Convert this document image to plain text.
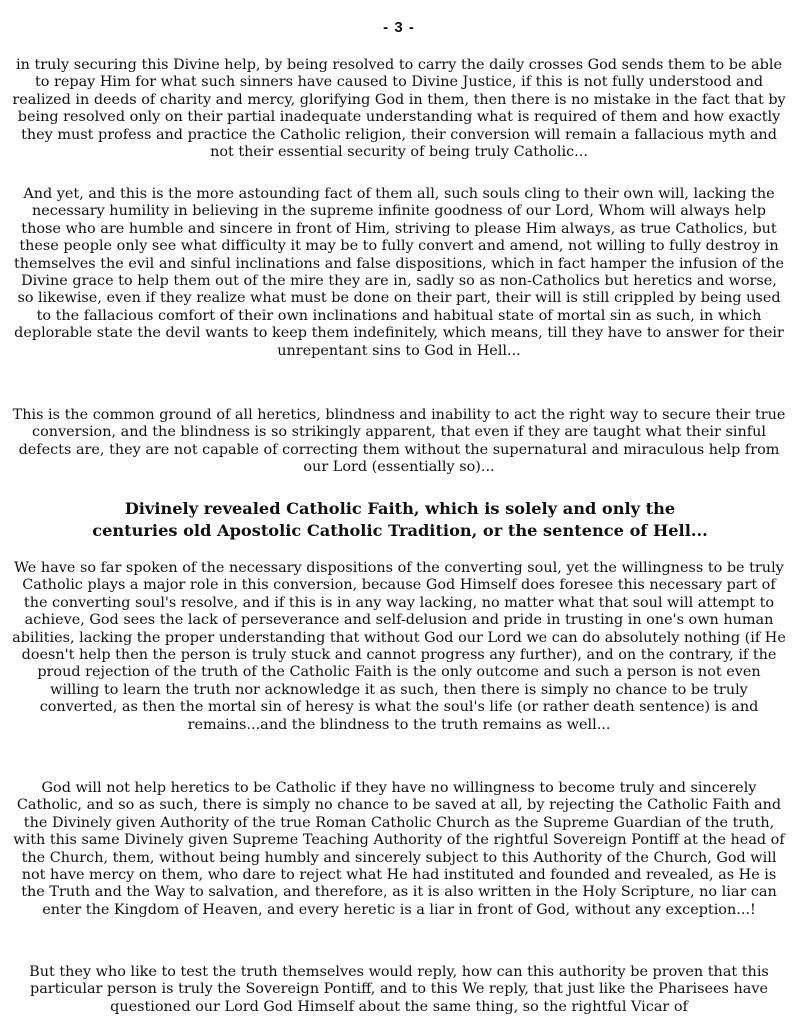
- 3 -

in truly securing this Divine help, by being resolved to carry the daily crosses God sends them to be able to repay Him for what such sinners have caused to Divine Justice, if this is not fully understood and realized in deeds of charity and mercy, glorifying God in them, then there is no mistake in the fact that by being resolved only on their partial inadequate understanding what is required of them and how exactly they must profess and practice the Catholic religion, their conversion will remain a fallacious myth and not their essential security of being truly Catholic...

And yet, and this is the more astounding fact of them all, such souls cling to their own will, lacking the necessary humility in believing in the supreme infinite goodness of our Lord, Whom will always help those who are humble and sincere in front of Him, striving to please Him always, as true Catholics, but these people only see what difficulty it may be to fully convert and amend, not willing to fully destroy in themselves the evil and sinful inclinations and false dispositions, which in fact hamper the infusion of the Divine grace to help them out of the mire they are in, sadly so as non-Catholics but heretics and worse, so likewise, even if they realize what must be done on their part, their will is still crippled by being used to the fallacious comfort of their own inclinations and habitual state of mortal sin as such, in which deplorable state the devil wants to keep them indefinitely, which means, till they have to answer for their unrepentant sins to God in Hell...

This is the common ground of all heretics, blindness and inability to act the right way to secure their true conversion, and the blindness is so strikingly apparent, that even if they are taught what their sinful defects are, they are not capable of correcting them without the supernatural and miraculous help from our Lord (essentially so)...

Divinely revealed Catholic Faith, which is solely and only the
centuries old Apostolic Catholic Tradition, or the sentence of Hell...

We have so far spoken of the necessary dispositions of the converting soul, yet the willingness to be truly Catholic plays a major role in this conversion, because God Himself does foresee this necessary part of the converting soul's resolve, and if this is in any way lacking, no matter what that soul will attempt to achieve, God sees the lack of perseverance and self-delusion and pride in trusting in one's own human abilities, lacking the proper understanding that without God our Lord we can do absolutely nothing (if He doesn't help then the person is truly stuck and cannot progress any further), and on the contrary, if the proud rejection of the truth of the Catholic Faith is the only outcome and such a person is not even willing to learn the truth nor acknowledge it as such, then there is simply no chance to be truly converted, as then the mortal sin of heresy is what the soul's life (or rather death sentence) is and remains...and the blindness to the truth remains as well...

God will not help heretics to be Catholic if they have no willingness to become truly and sincerely Catholic, and so as such, there is simply no chance to be saved at all, by rejecting the Catholic Faith and the Divinely given Authority of the true Roman Catholic Church as the Supreme Guardian of the truth, with this same Divinely given Supreme Teaching Authority of the rightful Sovereign Pontiff at the head of the Church, them, without being humbly and sincerely subject to this Authority of the Church, God will not have mercy on them, who dare to reject what He had instituted and founded and revealed, as He is the Truth and the Way to salvation, and therefore, as it is also written in the Holy Scripture, no liar can enter the Kingdom of Heaven, and every heretic is a liar in front of God, without any exception...!

But they who like to test the truth themselves would reply, how can this authority be proven that this particular person is truly the Sovereign Pontiff, and to this We reply, that just like the Pharisees have questioned our Lord God Himself about the same thing, so the rightful Vicar of
